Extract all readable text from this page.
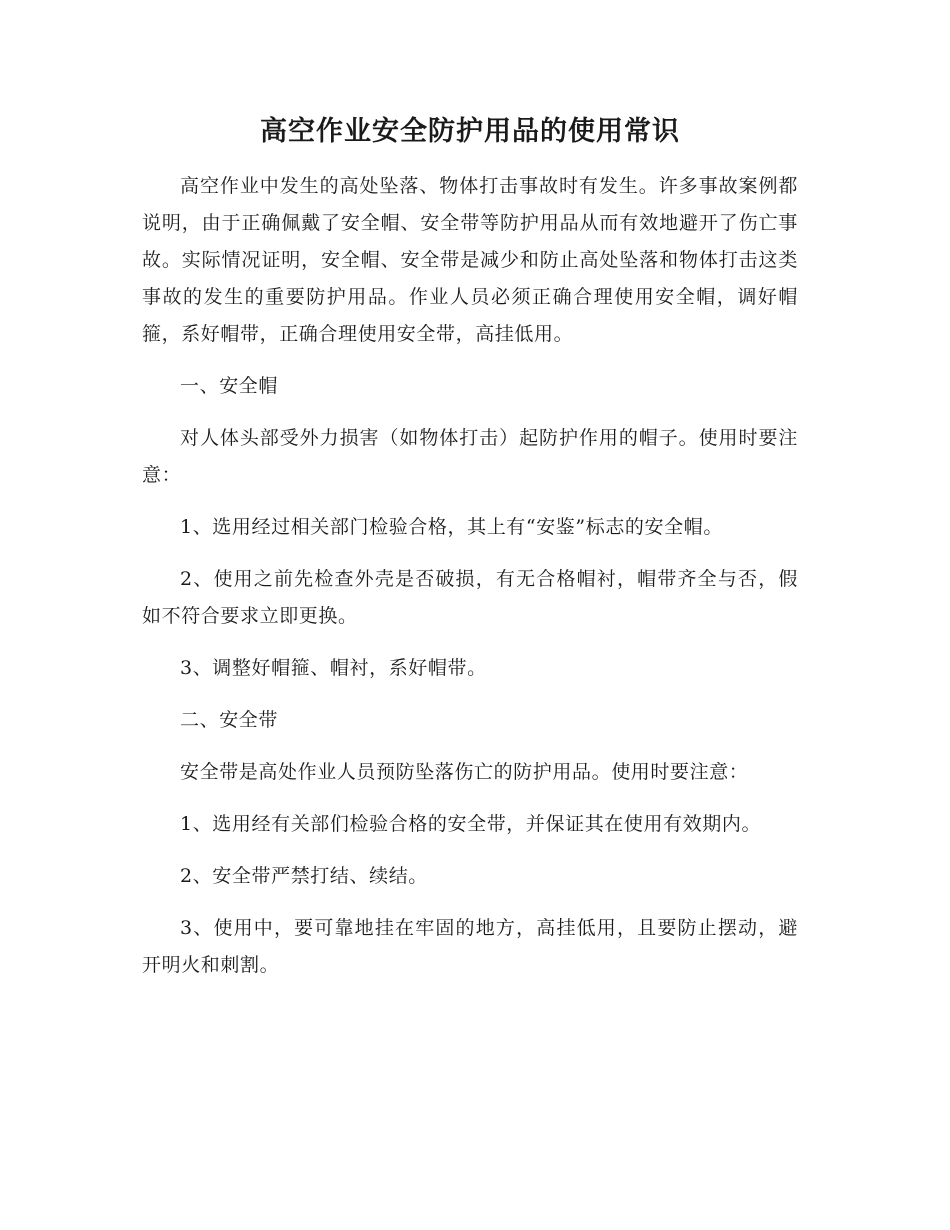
高空作业安全防护用品的使用常识

高空作业中发生的高处坠落、物体打击事故时有发生。许多事故案例都说明，由于正确佩戴了安全帽、安全带等防护用品从而有效地避开了伤亡事故。实际情况证明，安全帽、安全带是减少和防止高处坠落和物体打击这类事故的发生的重要防护用品。作业人员必须正确合理使用安全帽，调好帽箍，系好帽带，正确合理使用安全带，高挂低用。

一、安全帽

对人体头部受外力损害（如物体打击）起防护作用的帽子。使用时要注意：

1、选用经过相关部门检验合格，其上有“安鉴”标志的安全帽。

2、使用之前先检查外壳是否破损，有无合格帽衬，帽带齐全与否，假如不符合要求立即更换。

3、调整好帽箍、帽衬，系好帽带。

二、安全带

安全带是高处作业人员预防坠落伤亡的防护用品。使用时要注意：

1、选用经有关部们检验合格的安全带，并保证其在使用有效期内。

2、安全带严禁打结、续结。

3、使用中，要可靠地挂在牢固的地方，高挂低用，且要防止摆动，避开明火和刺割。
